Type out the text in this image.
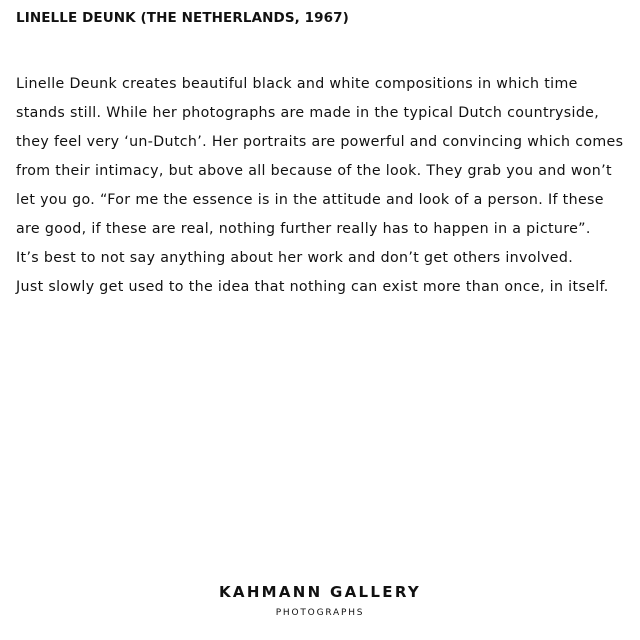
LINELLE DEUNK (THE NETHERLANDS, 1967)
Linelle Deunk creates beautiful black and white compositions in which time
stands still. While her photographs are made in the typical Dutch countryside,
they feel very ‘un-Dutch’. Her portraits are powerful and convincing which comes
from their intimacy, but above all because of the look. They grab you and won’t
let you go. “For me the essence is in the attitude and look of a person. If these
are good, if these are real, nothing further really has to happen in a picture”.
It’s best to not say anything about her work and don’t get others involved.
Just slowly get used to the idea that nothing can exist more than once, in itself.
KAHMANN GALLERY
PHOTOGRAPHS
